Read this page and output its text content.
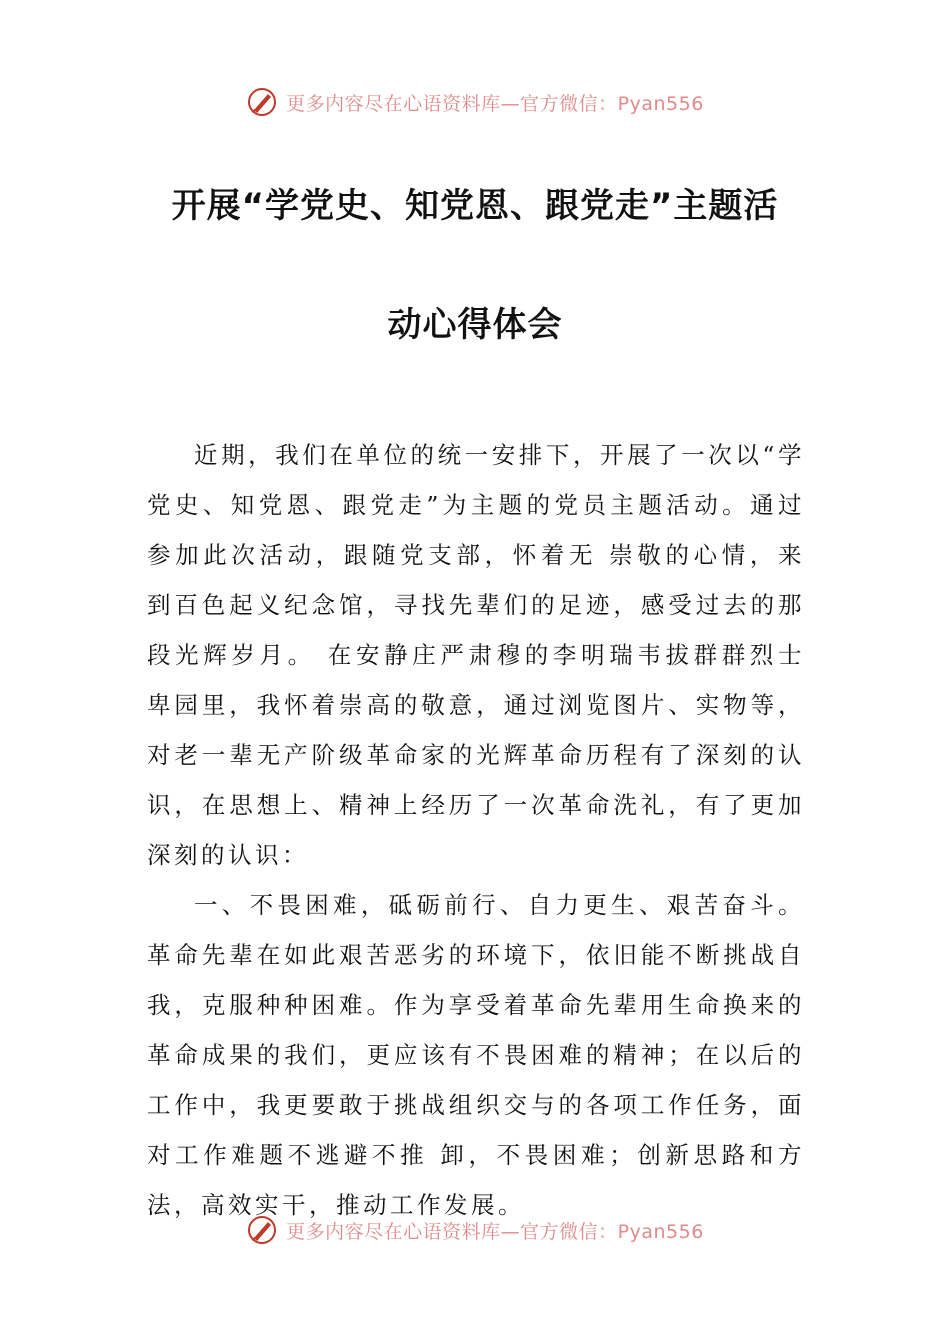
更多内容尽在心语资料库—官方微信：Pyan556
开展“学党史、知党恩、跟党走”主题活
动心得体会

近期，我们在单位的统一安排下，开展了一次以“学党史、知党恩、跟党走”为主题的党员主题活动。通过参加此次活动，跟随党支部，怀着无 崇敬的心情，来到百色起义纪念馆，寻找先辈们的足迹，感受过去的那段光辉岁月。 在安静庄严肃穆的李明瑞韦拔群群烈士卑园里，我怀着崇高的敬意，通过浏览图片、实物等，对老一辈无产阶级革命家的光辉革命历程有了深刻的认识，在思想上、精神上经历了一次革命洗礼，有了更加深刻的认识：

一、不畏困难，砥砺前行、自力更生、艰苦奋斗。革命先辈在如此艰苦恶劣的环境下，依旧能不断挑战自我，克服种种困难。作为享受着革命先辈用生命换来的革命成果的我们，更应该有不畏困难的精神；在以后的工作中，我更要敢于挑战组织交与的各项工作任务，面对工作难题不逃避不推 卸，不畏困难；创新思路和方法，高效实干，推动工作发展。

更多内容尽在心语资料库—官方微信：Pyan556
